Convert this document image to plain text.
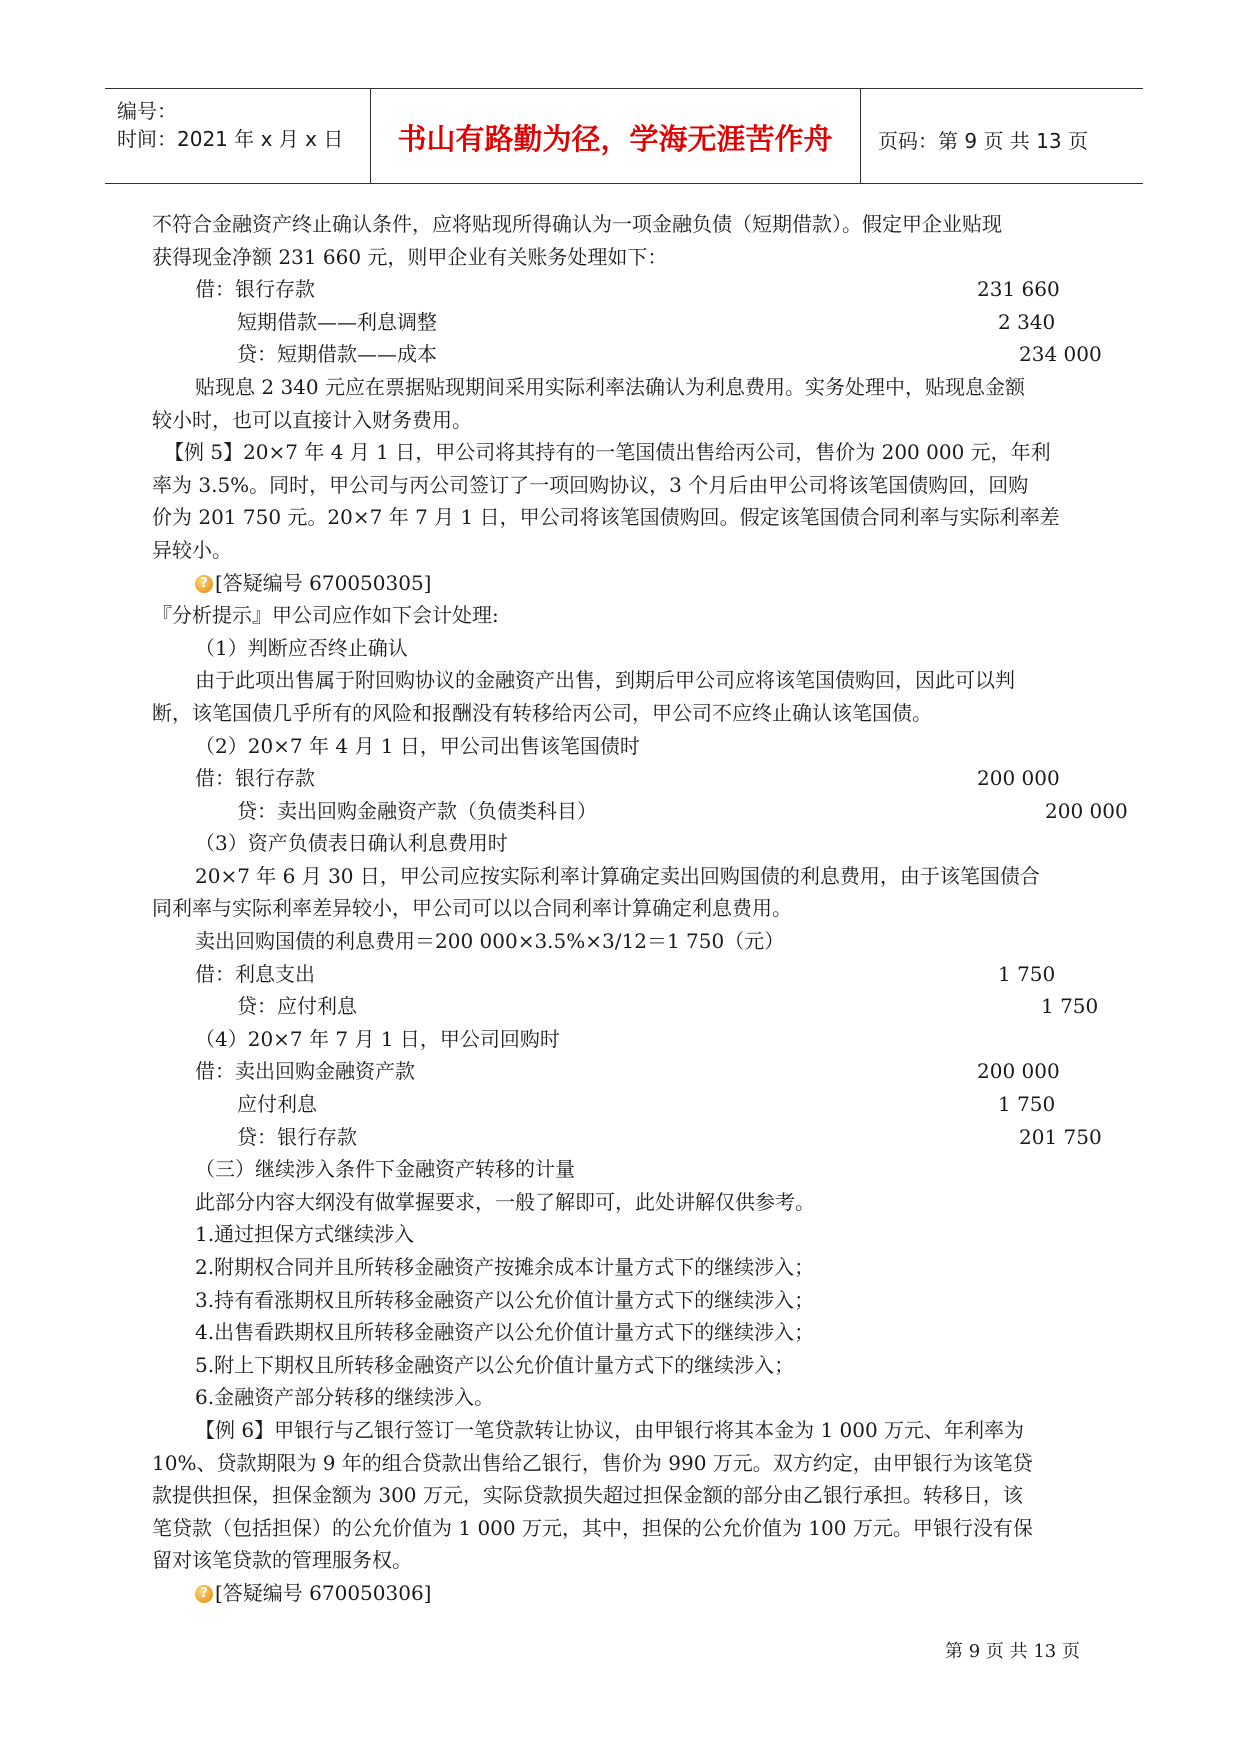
编号：
时间：2021 年 x 月 x 日	书山有路勤为径，学海无涯苦作舟	页码：第 9 页 共 13 页
不符合金融资产终止确认条件，应将贴现所得确认为一项金融负债（短期借款）。假定甲企业贴现
获得现金净额 231 660 元，则甲企业有关账务处理如下：
借：银行存款	231 660
短期借款——利息调整	2 340
贷：短期借款——成本	234 000
贴现息 2 340 元应在票据贴现期间采用实际利率法确认为利息费用。实务处理中，贴现息金额
较小时，也可以直接计入财务费用。
【例 5】20×7 年 4 月 1 日，甲公司将其持有的一笔国债出售给丙公司，售价为 200 000 元，年利
率为 3.5%。同时，甲公司与丙公司签订了一项回购协议，3 个月后由甲公司将该笔国债购回，回购
价为 201 750 元。20×7 年 7 月 1 日，甲公司将该笔国债购回。假定该笔国债合同利率与实际利率差
异较小。
? [答疑编号 670050305]
『分析提示』甲公司应作如下会计处理:
（1）判断应否终止确认
由于此项出售属于附回购协议的金融资产出售，到期后甲公司应将该笔国债购回，因此可以判
断，该笔国债几乎所有的风险和报酬没有转移给丙公司，甲公司不应终止确认该笔国债。
（2）20×7 年 4 月 1 日，甲公司出售该笔国债时
借：银行存款	200 000
贷：卖出回购金融资产款（负债类科目）	200 000
（3）资产负债表日确认利息费用时
20×7 年 6 月 30 日，甲公司应按实际利率计算确定卖出回购国债的利息费用，由于该笔国债合
同利率与实际利率差异较小，甲公司可以以合同利率计算确定利息费用。
卖出回购国债的利息费用＝200 000×3.5%×3/12＝1 750（元）
借：利息支出	1 750
贷：应付利息	1 750
（4）20×7 年 7 月 1 日，甲公司回购时
借：卖出回购金融资产款	200 000
应付利息	1 750
贷：银行存款	201 750
（三）继续涉入条件下金融资产转移的计量
此部分内容大纲没有做掌握要求，一般了解即可，此处讲解仅供参考。
1.通过担保方式继续涉入
2.附期权合同并且所转移金融资产按摊余成本计量方式下的继续涉入；
3.持有看涨期权且所转移金融资产以公允价值计量方式下的继续涉入；
4.出售看跌期权且所转移金融资产以公允价值计量方式下的继续涉入；
5.附上下期权且所转移金融资产以公允价值计量方式下的继续涉入；
6.金融资产部分转移的继续涉入。
【例 6】甲银行与乙银行签订一笔贷款转让协议，由甲银行将其本金为 1 000 万元、年利率为
10%、贷款期限为 9 年的组合贷款出售给乙银行，售价为 990 万元。双方约定，由甲银行为该笔贷
款提供担保，担保金额为 300 万元，实际贷款损失超过担保金额的部分由乙银行承担。转移日，该
笔贷款（包括担保）的公允价值为 1 000 万元，其中，担保的公允价值为 100 万元。甲银行没有保
留对该笔贷款的管理服务权。
? [答疑编号 670050306]
第 9 页 共 13 页
